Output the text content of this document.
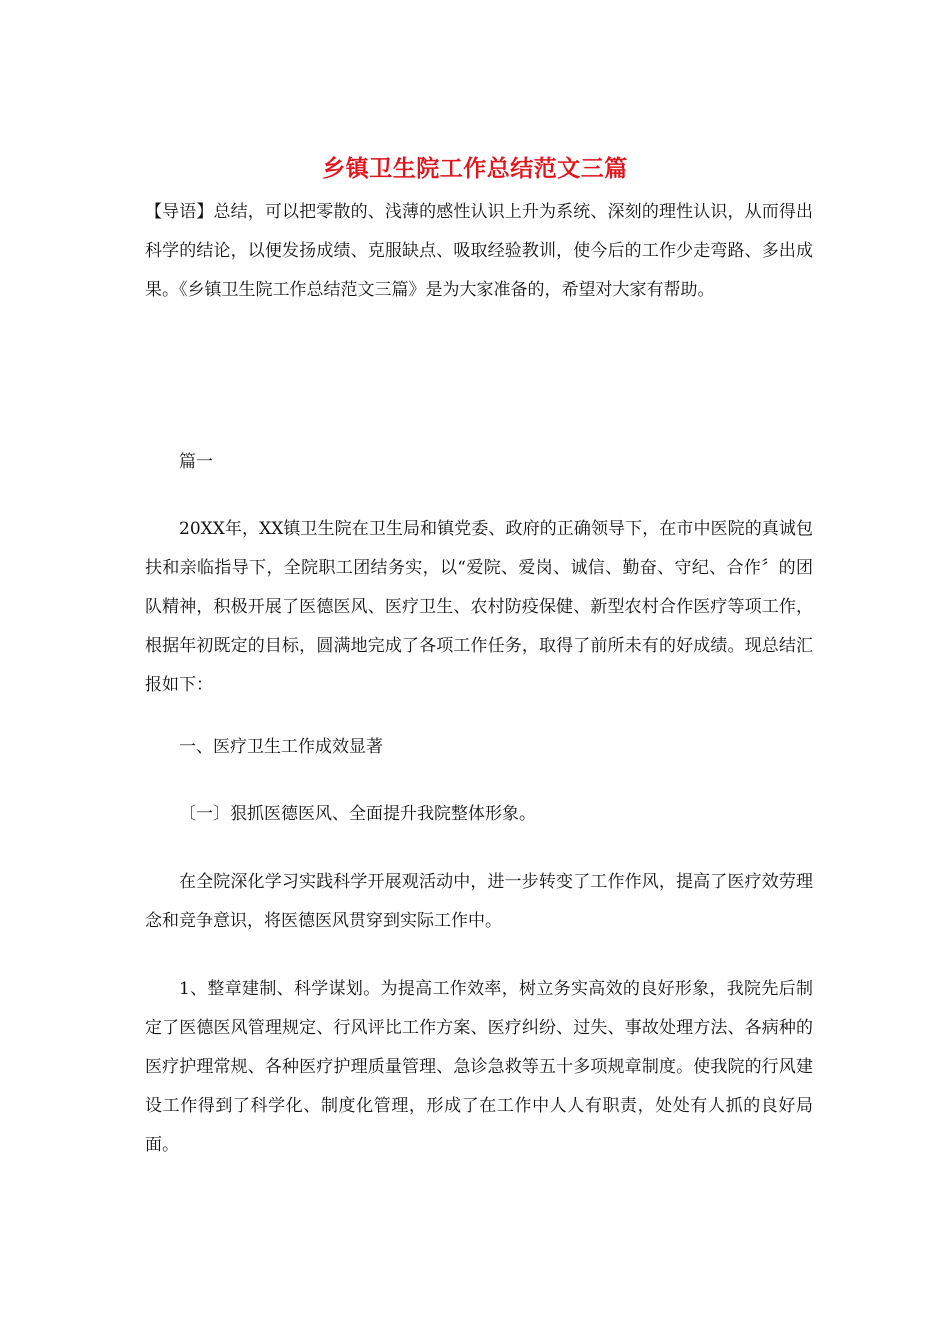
乡镇卫生院工作总结范文三篇

【导语】总结，可以把零散的、浅薄的感性认识上升为系统、深刻的理性认识，从而得出科学的结论，以便发扬成绩、克服缺点、吸取经验教训，使今后的工作少走弯路、多出成果。《乡镇卫生院工作总结范文三篇》是为大家准备的，希望对大家有帮助。

篇一

20XX年，XX镇卫生院在卫生局和镇党委、政府的正确领导下，在市中医院的真诚包扶和亲临指导下，全院职工团结务实，以“爱院、爱岗、诚信、勤奋、守纪、合作〞的团队精神，积极开展了医德医风、医疗卫生、农村防疫保健、新型农村合作医疗等项工作，根据年初既定的目标，圆满地完成了各项工作任务，取得了前所未有的好成绩。现总结汇报如下：

一、医疗卫生工作成效显著

〔一〕狠抓医德医风、全面提升我院整体形象。

在全院深化学习实践科学开展观活动中，进一步转变了工作作风，提高了医疗效劳理念和竞争意识，将医德医风贯穿到实际工作中。

1、整章建制、科学谋划。为提高工作效率，树立务实高效的良好形象，我院先后制定了医德医风管理规定、行风评比工作方案、医疗纠纷、过失、事故处理方法、各病种的医疗护理常规、各种医疗护理质量管理、急诊急救等五十多项规章制度。使我院的行风建设工作得到了科学化、制度化管理，形成了在工作中人人有职责，处处有人抓的良好局面。
